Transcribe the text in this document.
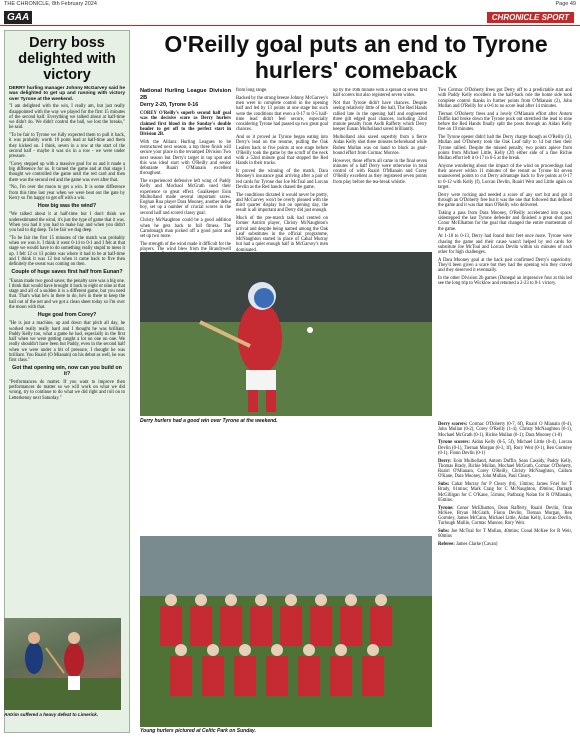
THE CHRONICLE, 8th February 2024	Page 49
GAA	CHRONICLE SPORT
Derry boss delighted with victory

DERRY hurling manager Johnny McGarvey said he was delighted to get up and running with victory over Tyrone at the weekend.

"I am delighted with the win, I really am, but just really disappointed with the way we played for the first 15 minutes of the second half. Everything we talked about at half-time we didn't do. We didn't control the ball, we lost the breaks," he said.

"To be fair to Tyrone we fully expected them to pull it back, it was probably worth 10 point lead at half-time and them they kicked on. I think, seven in a row at the start of the second half - maybe it was six in a row - we were under pressure.

"Corey stepped up with a massive goal for us and it made a big difference for us. It turned the game and at that stage I thought we controlled the game until the red card and then there was the second red and the game was over after that.

"No, I'm over the moon to get a win. It is some difference from this time last year when we were beat out the gate by Kerry so I'm happy to get off with a win.

How big was the wind?

"We talked about it at half-time but I don't think we underestimated the wind, it's just the type of game that it was. When you had it you had to make hay and when you didn't you had to dig deep. To be fair we dug deep.

"To be fair the first 15 minutes of the match was probably when we won it. I think it went 0-14 to 0-1 and I felt at that stage we would have to do something really stupid to mess it up. I felt 12 or 13 points was where it had to be at half-time and I think it was 12 but when it came back to five then definitely the sweat was coming on then.

Couple of huge saves first half from Eunan?

"Eunan made two good saves; the penalty save was a big one. I think that would have brought it back to eight or nine at that stage and all of a sudden it is a different game, but you need that. That's what he's in there to do, he's in there to keep the ball out of the net and we got a clean sheet today so I'm over the moon with that.

Huge goal from Corey?

"He is just a machine, up and down that pitch all day, he worked really really hard and I thought he was brilliant. Paddy Kelly too, what a game he had, especially in the first half when we were getting caught a lot on one on one. We really shouldn't have been but Paddy, even in the second half when we were under a bit of pressure, I thought he was brilliant. You Ruairi (O Mianain) on his debut as well, he was first class."

Got that opening win, now can you build on it?

"Performances do matter. If you want to improve then performances do matter so we will work on what we did wrong, try to continue to do what we did right and roll on to Letterkenny next Saturday."

Antrim suffered a heavy defeat to Limerick.
O'Reilly goal puts an end to Tyrone hurlers' comeback
National Hurling League Division 2B
Derry 2-20, Tyrone 0-16

COREY O'Reilly's superb second half goal was the decisive score as Derry hurlers claimed first blood in the Sunday's double header to get off to the perfect start in Division 2B.

With the Allianz Hurling Leagues to be restructured next season, a top three finish will secure your place in the revamped Division Two next season but Derry's target in top spot and this was ideal start with O'Reilly and senior debutante Ruairi O'Mianain excellent throughout.

The experienced defensive left wing of Paddy Kelly and Mochaol McGrath used their experience to great effect. Goalkeeper Eoin Mulholland made several important saves. Eoghan Rua player Dara Mooney, another debut boy, set up a number of crucial scores in the second half and scored classy goal.

Christy McNaughton could be a good addition when he gets back to full fitness. The Carndonagh man picked off a good point and set up two more.

The strength of the wind made it difficult for the players. The wind blew from the Brandywell

from long range.

Backed by the strong breeze Johnny McGarvey's men were in complete control in the opening half and led by 13 points at one stage but such were the conditions that even a 0-17 to 0-5 half-time lead didn't feel secure, especially considering Tyrone had passed up two great goal chances.

And so it proved as Tyrone began eating into Derry's lead on the resume, pulling the Oak Leafers back to five points at one stage before O'Reilly took the game by the scruff of the neck with a 52nd minute goal that stopped the Red Hands in their tracks.

It proved the winning of the match, Dara Mooney's insurance goal arriving after a pair of red cards for Tyrone duo Joe McToal and Lorcan Devlin as the Red hands chased the game.

The conditions dictated it would never be pretty, and McGarvey won't be overly pleased with the third quarter display but on opening day, the result is all important and Derry did just enough.

Much of the pre-match talk had centred on former Antrim player, Christy McNaughton's arrival and despite being named among the Oak Leaf substitutes in the official programme, McNaughton started in place of Cahal Murray but had a quiet enough half in McGarvey's men dominated.

up by the 16th minute with a spread of seven first half scorers but also registered seven wides.

Not that Tyrone didn't have chances. Despite seeing relatively little of the ball, The Red Hands rallied late in the opening half and engineered three gilt edged goal chances, including 32nd minute penalty from Aodh Rafferty which Derry keeper Eunan Mulholland saved brilliantly.

Mulholland also saved superbly from a fierce Aidan Kelly shot three minutes beforehand while Ruben Mullan was on hand to block as goal-bound effort from Cormac Monroe.

However, those efforts all came in the final seven minutes of a half Derry were otherwise in total control of with Ruairi O'Mianain and Corey O'Reilly excellent as they registered seven points from play before the tea-break whistle.

Two Cormac O'Doherty frees got Derry off to a predictable start and with Paddy Kelly excellent in the half-back role the home side took complete control thanks in further points from O'Mianain (2), John Mullan and O'Reilly for a 0-6 to no score lead after 14 minutes.

Tiernan O'Doherty frees and a lovely O'Mianain effort after Antom Duffin had broke down the Tyrone puck out stretched the lead to nine before the Red Hands finally split the posts through an Aidan Kelly free on 19 minutes.

The Tyrone opener didn't halt the Derry charge though as O'Reilly (3), Mullan and O'Doherty took the Oak Leaf tally to 14 but then their Tyrone rallied. Despite the missed penalty, two points apiece from points from Michael Little, Kelly (2f) either side of a fine Richie Mullan effort left it 0-17 to 0-5 at the break.

Anyone wondering about the impact of the wind on proceedings had their answer within 11 minutes of the restart as Tyrone hit seven unanswered points to cut Derry advantage back to five points at 0-17 to 0-12 with Kelly (f), Lorcan Devlin, Ruairi Weir and Little again on target.

Derry were rocking and needed a score of any sort but and got it through an O'Doherty free but it was the one that followed that defined the game and it was that man O'Reilly who delivered.

Taking a pass from Dara Mooney, O'Reilly accelerated into space, sidestepped the last Tyrone defender and finished a great shot past Conor McElhatton for the goal that changed the entire momentum of the game.

At 1-18 to 0-13, Derry had found their feet once more. Tyrone were chasing the game and their cause wasn't helped by red cards for substitute Joe McToal and Lorcan Devlin within six minutes of each other for high challenges.

A Dara Mooney goal at the back post confirmed Derry's superiority. They'd been given a scare but they had the opening win they craved and they deserved it eventually.

In the other Division 2b games (Donegal an impressive four at this led see the long trip to Wicklow and returned a 2-23 to 0-1 victory.

Derry hurlers had a good win over Tyrone at the weekend.

Derry scorers: Cormac O'Doherty (0-7, 6f), Ruairi O Mianain (0-4), John Mullan (0-2), Corey O'Reilly (1-4), Christy McNaughton (0-1), Mochael McGrath (0-1), Richie Mullan (0-1); Dara Mooney (1-0)

Tyrone scorers: Aidan Kelly (0-5, 5f), Michael Little (0-4), Lorcan Devlin (0-1), Tiernan Morgan (0-3, 1f), Rory Weir (0-1), Ben Gormley (0-1), Fionn Devlin (0-1)

Derry: Eoin Mulholland, Antom Duffin, Sean Cassidy, Paddy Kelly, Thomas Brady, Richie Mullan, Mochael McGrath, Cormac O'Doherty, Ruairi O'Mianain, Corey O'Reilly, Christy McNaughton, Callum O'Kane, Dara Mooney, John Mullan, Paul Cleary.

Subs: Cahal Murray for P Cleary (ht), 13mins; James Friel for T Brady, 61mins; Mark Craig for C McNaughton, 49mins; Darragh McGilligan for C O'Kane, 51mins; Padhraig Nolan for R O'Mianain, 65mins.

Tyrone: Conor McElhatton, Dean Rafferty, Ruairi Devlin, Oran McKee, Bryan McGrath, Fionn Devlin, Tiernan Morgan, Ben Gormley, James McCann, Michael Little, Aidan Kelly, Lorcan Devlin, Turlough Mullin, Cormac Munroe, Rory Weir.

Subs: Joe McToal for T Mullan, 40mins; Conal McKee for R Weir, 60mins

Referee: James Clarke (Cavan)

Young hurlers pictured at Celtic Park on Sunday.
